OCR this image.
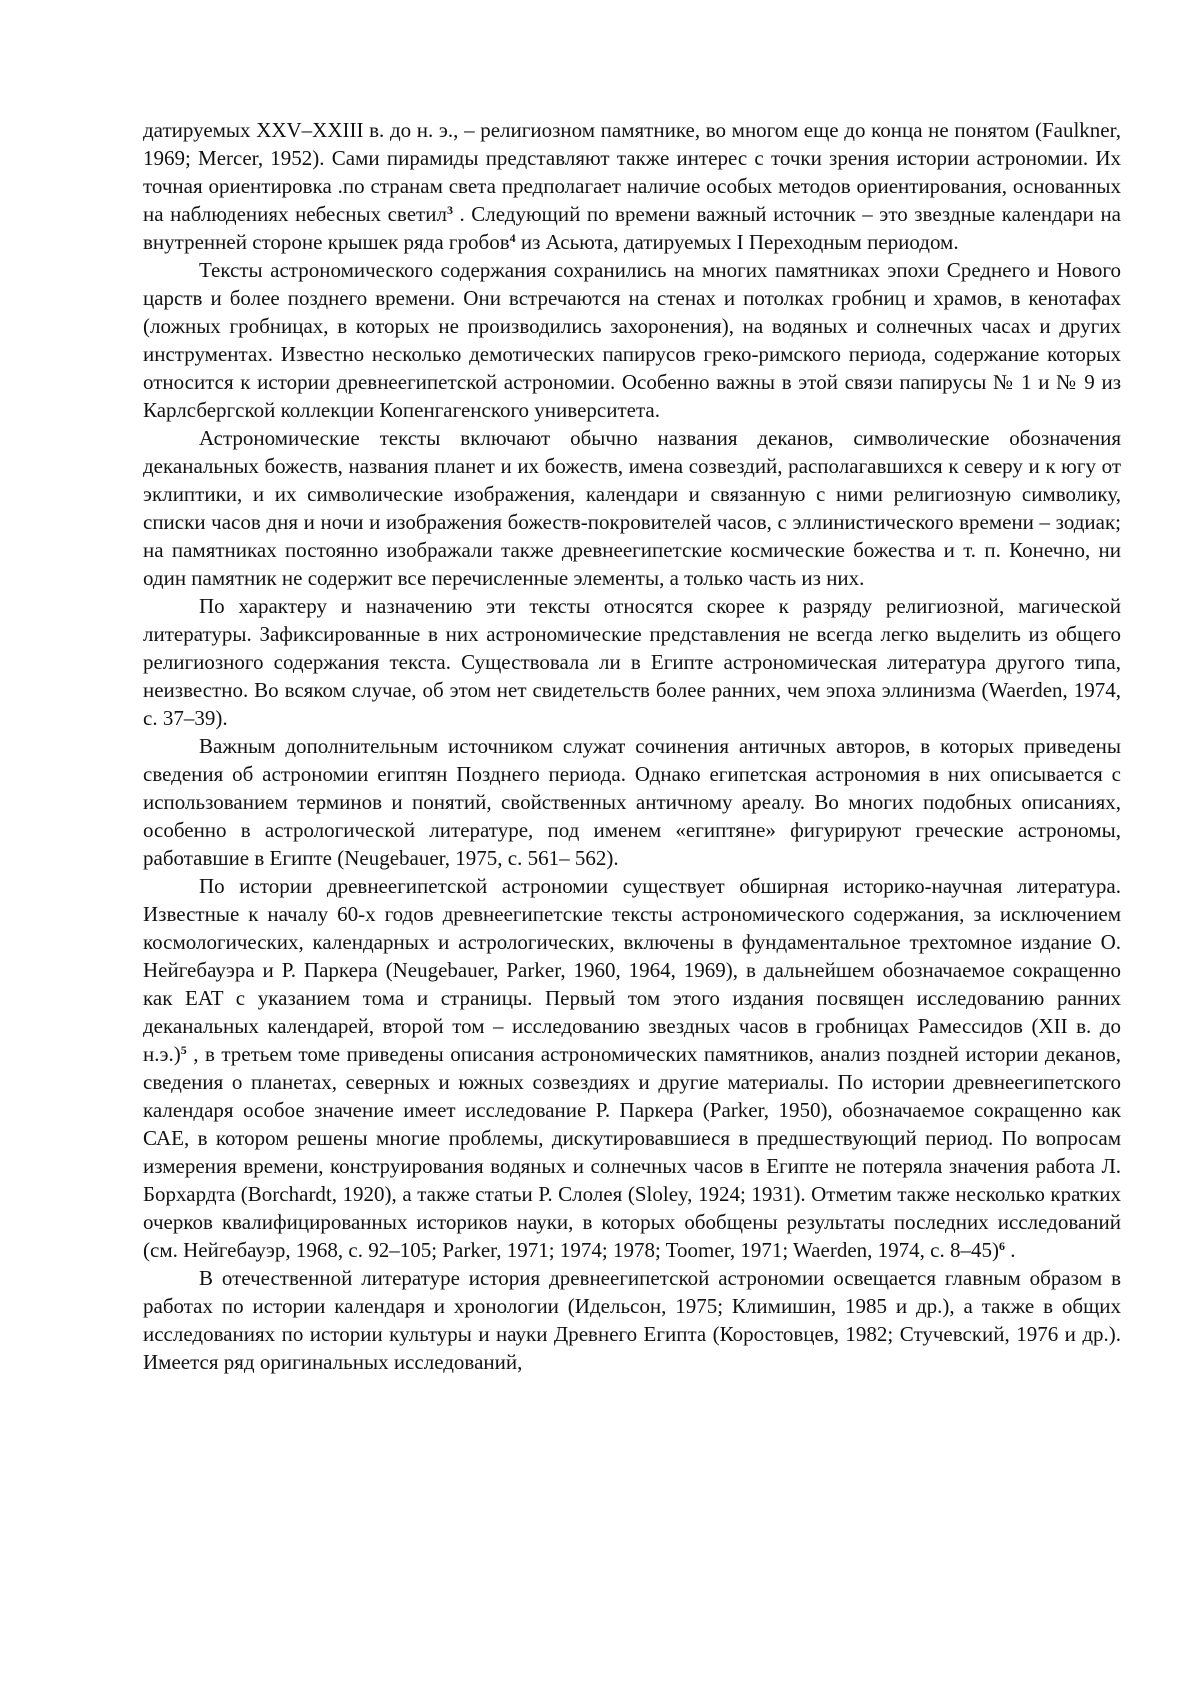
датируемых XXV–XXIII в. до н. э., – религиозном памятнике, во многом еще до конца не понятом (Faulkner, 1969; Mercer, 1952). Сами пирамиды представляют также интерес с точки зрения истории астрономии. Их точная ориентировка .по странам света предполагает наличие особых методов ориентирования, основанных на наблюдениях небесных светил$^3$ . Следующий по времени важный источник – это звездные календари на внутренней стороне крышек ряда гробов$^4$ из Асьюта, датируемых I Переходным периодом.

Тексты астрономического содержания сохранились на многих памятниках эпохи Среднего и Нового царств и более позднего времени. Они встречаются на стенах и потолках гробниц и храмов, в кенотафах (ложных гробницах, в которых не производились захоронения), на водяных и солнечных часах и других инструментах. Известно несколько демотических папирусов греко-римского периода, содержание которых относится к истории древнеегипетской астрономии. Особенно важны в этой связи папирусы № 1 и № 9 из Карлсбергской коллекции Копенгагенского университета.

Астрономические тексты включают обычно названия деканов, символические обозначения деканальных божеств, названия планет и их божеств, имена созвездий, располагавшихся к северу и к югу от эклиптики, и их символические изображения, календари и связанную с ними религиозную символику, списки часов дня и ночи и изображения божеств-покровителей часов, с эллинистического времени – зодиак; на памятниках постоянно изображали также древнеегипетские космические божества и т. п. Конечно, ни один памятник не содержит все перечисленные элементы, а только часть из них.

По характеру и назначению эти тексты относятся скорее к разряду религиозной, магической литературы. Зафиксированные в них астрономические представления не всегда легко выделить из общего религиозного содержания текста. Существовала ли в Египте астрономическая литература другого типа, неизвестно. Во всяком случае, об этом нет свидетельств более ранних, чем эпоха эллинизма (Waerden, 1974, с. 37–39).

Важным дополнительным источником служат сочинения античных авторов, в которых приведены сведения об астрономии египтян Позднего периода. Однако египетская астрономия в них описывается с использованием терминов и понятий, свойственных античному ареалу. Во многих подобных описаниях, особенно в астрологической литературе, под именем «египтяне» фигурируют греческие астрономы, работавшие в Египте (Neugebauer, 1975, с. 561– 562).

По истории древнеегипетской астрономии существует обширная историко-научная литература. Известные к началу 60-х годов древнеегипетские тексты астрономического содержания, за исключением космологических, календарных и астрологических, включены в фундаментальное трехтомное издание О. Нейгебауэра и Р. Паркера (Neugebauer, Parker, 1960, 1964, 1969), в дальнейшем обозначаемое сокращенно как EAT с указанием тома и страницы. Первый том этого издания посвящен исследованию ранних деканальных календарей, второй том – исследованию звездных часов в гробницах Рамессидов (XII в. до н.э.)$^5$ , в третьем томе приведены описания астрономических памятников, анализ поздней истории деканов, сведения о планетах, северных и южных созвездиях и другие материалы. По истории древнеегипетского календаря особое значение имеет исследование Р. Паркера (Parker, 1950), обозначаемое сокращенно как САЕ, в котором решены многие проблемы, дискутировавшиеся в предшествующий период. По вопросам измерения времени, конструирования водяных и солнечных часов в Египте не потеряла значения работа Л. Борхардта (Borchardt, 1920), а также статьи Р. Слолея (Sloley, 1924; 1931). Отметим также несколько кратких очерков квалифицированных историков науки, в которых обобщены результаты последних исследований (см. Нейгебауэр, 1968, с. 92–105; Parker, 1971; 1974; 1978; Toomer, 1971; Waerden, 1974, с. 8–45)$^6$ .

В отечественной литературе история древнеегипетской астрономии освещается главным образом в работах по истории календаря и хронологии (Идельсон, 1975; Климишин, 1985 и др.), а также в общих исследованиях по истории культуры и науки Древнего Египта (Коростовцев, 1982; Стучевский, 1976 и др.). Имеется ряд оригинальных исследований,
